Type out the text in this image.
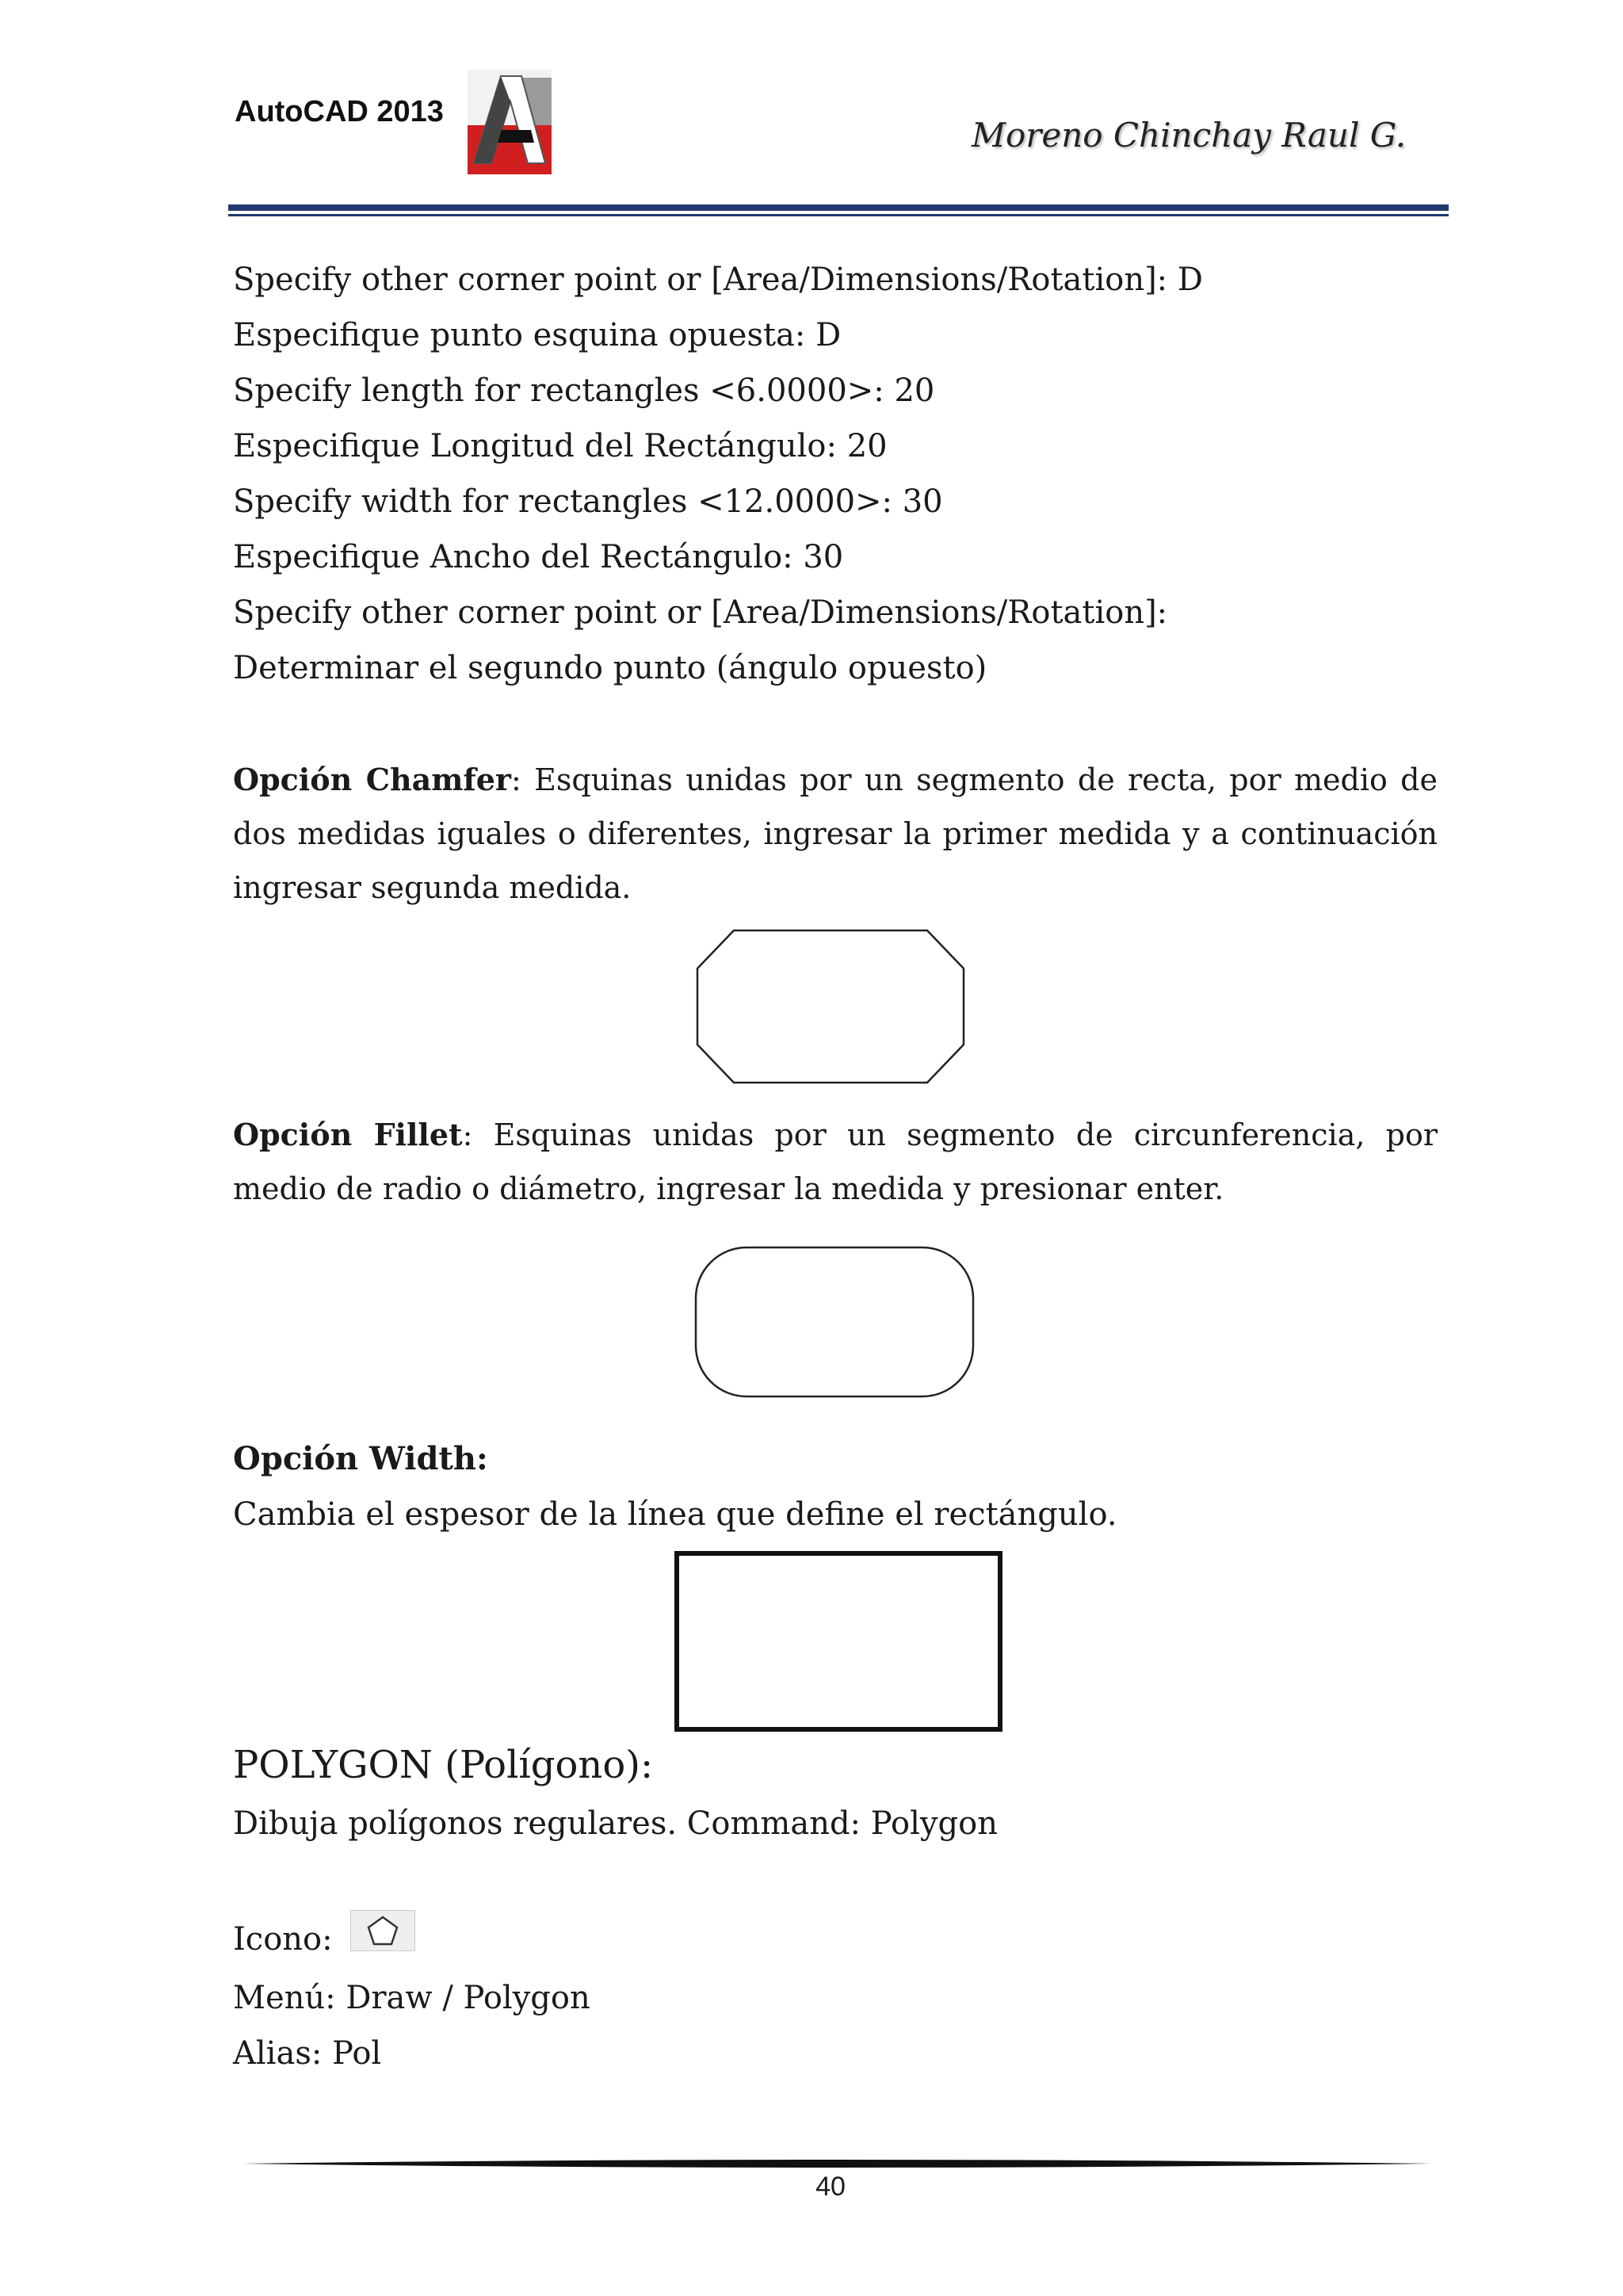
AutoCAD 2013
Moreno Chinchay Raul G.
Specify other corner point or [Area/Dimensions/Rotation]: D
Especifique punto esquina opuesta: D
Specify length for rectangles <6.0000>: 20
Especifique Longitud del Rectángulo: 20
Specify width for rectangles <12.0000>: 30
Especifique Ancho del Rectángulo: 30
Specify other corner point or [Area/Dimensions/Rotation]:
Determinar el segundo punto (ángulo opuesto)
Opción Chamfer: Esquinas unidas por un segmento de recta, por medio de dos medidas iguales o diferentes, ingresar la primer medida y a continuación ingresar segunda medida.
Opción Fillet: Esquinas unidas por un segmento de circunferencia, por medio de radio o diámetro, ingresar la medida y presionar enter.
Opción Width:
Cambia el espesor de la línea que define el rectángulo.
POLYGON (Polígono):
Dibuja polígonos regulares. Command: Polygon
Icono:
Menú: Draw / Polygon
Alias: Pol
40
